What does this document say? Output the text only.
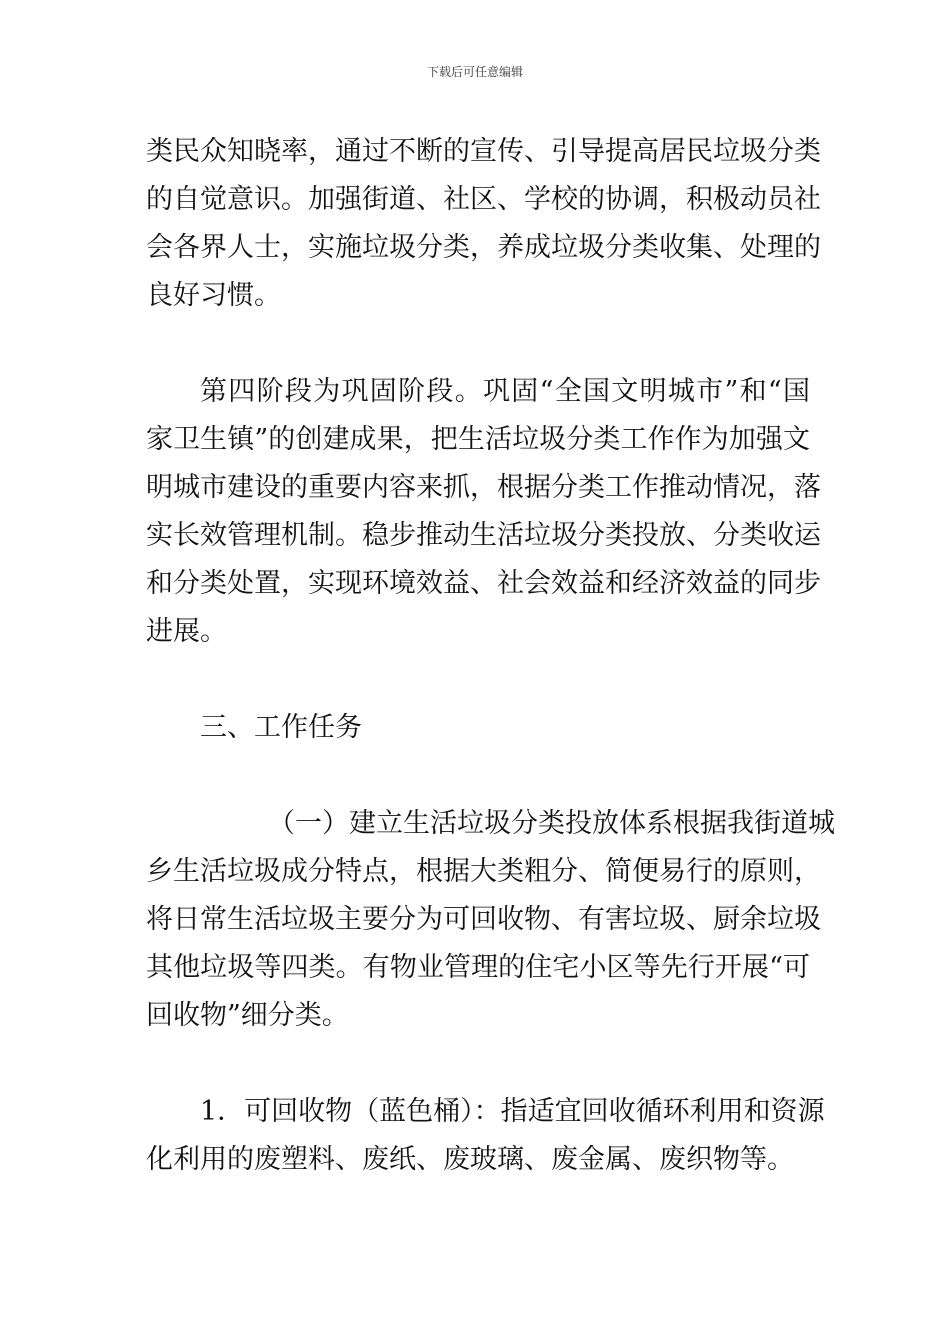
下载后可任意编辑
类民众知晓率，通过不断的宣传、引导提高居民垃圾分类
的自觉意识。加强街道、社区、学校的协调，积极动员社
会各界人士，实施垃圾分类，养成垃圾分类收集、处理的
良好习惯。
第四阶段为巩固阶段。巩固“全国文明城市”和“国
家卫生镇”的创建成果，把生活垃圾分类工作作为加强文
明城市建设的重要内容来抓，根据分类工作推动情况，落
实长效管理机制。稳步推动生活垃圾分类投放、分类收运
和分类处置，实现环境效益、社会效益和经济效益的同步
进展。
三、工作任务
（一）建立生活垃圾分类投放体系根据我街道城
乡生活垃圾成分特点，根据大类粗分、简便易行的原则，
将日常生活垃圾主要分为可回收物、有害垃圾、厨余垃圾
其他垃圾等四类。有物业管理的住宅小区等先行开展“可
回收物”细分类。
1．可回收物（蓝色桶）：指适宜回收循环利用和资源
化利用的废塑料、废纸、废玻璃、废金属、废织物等。
